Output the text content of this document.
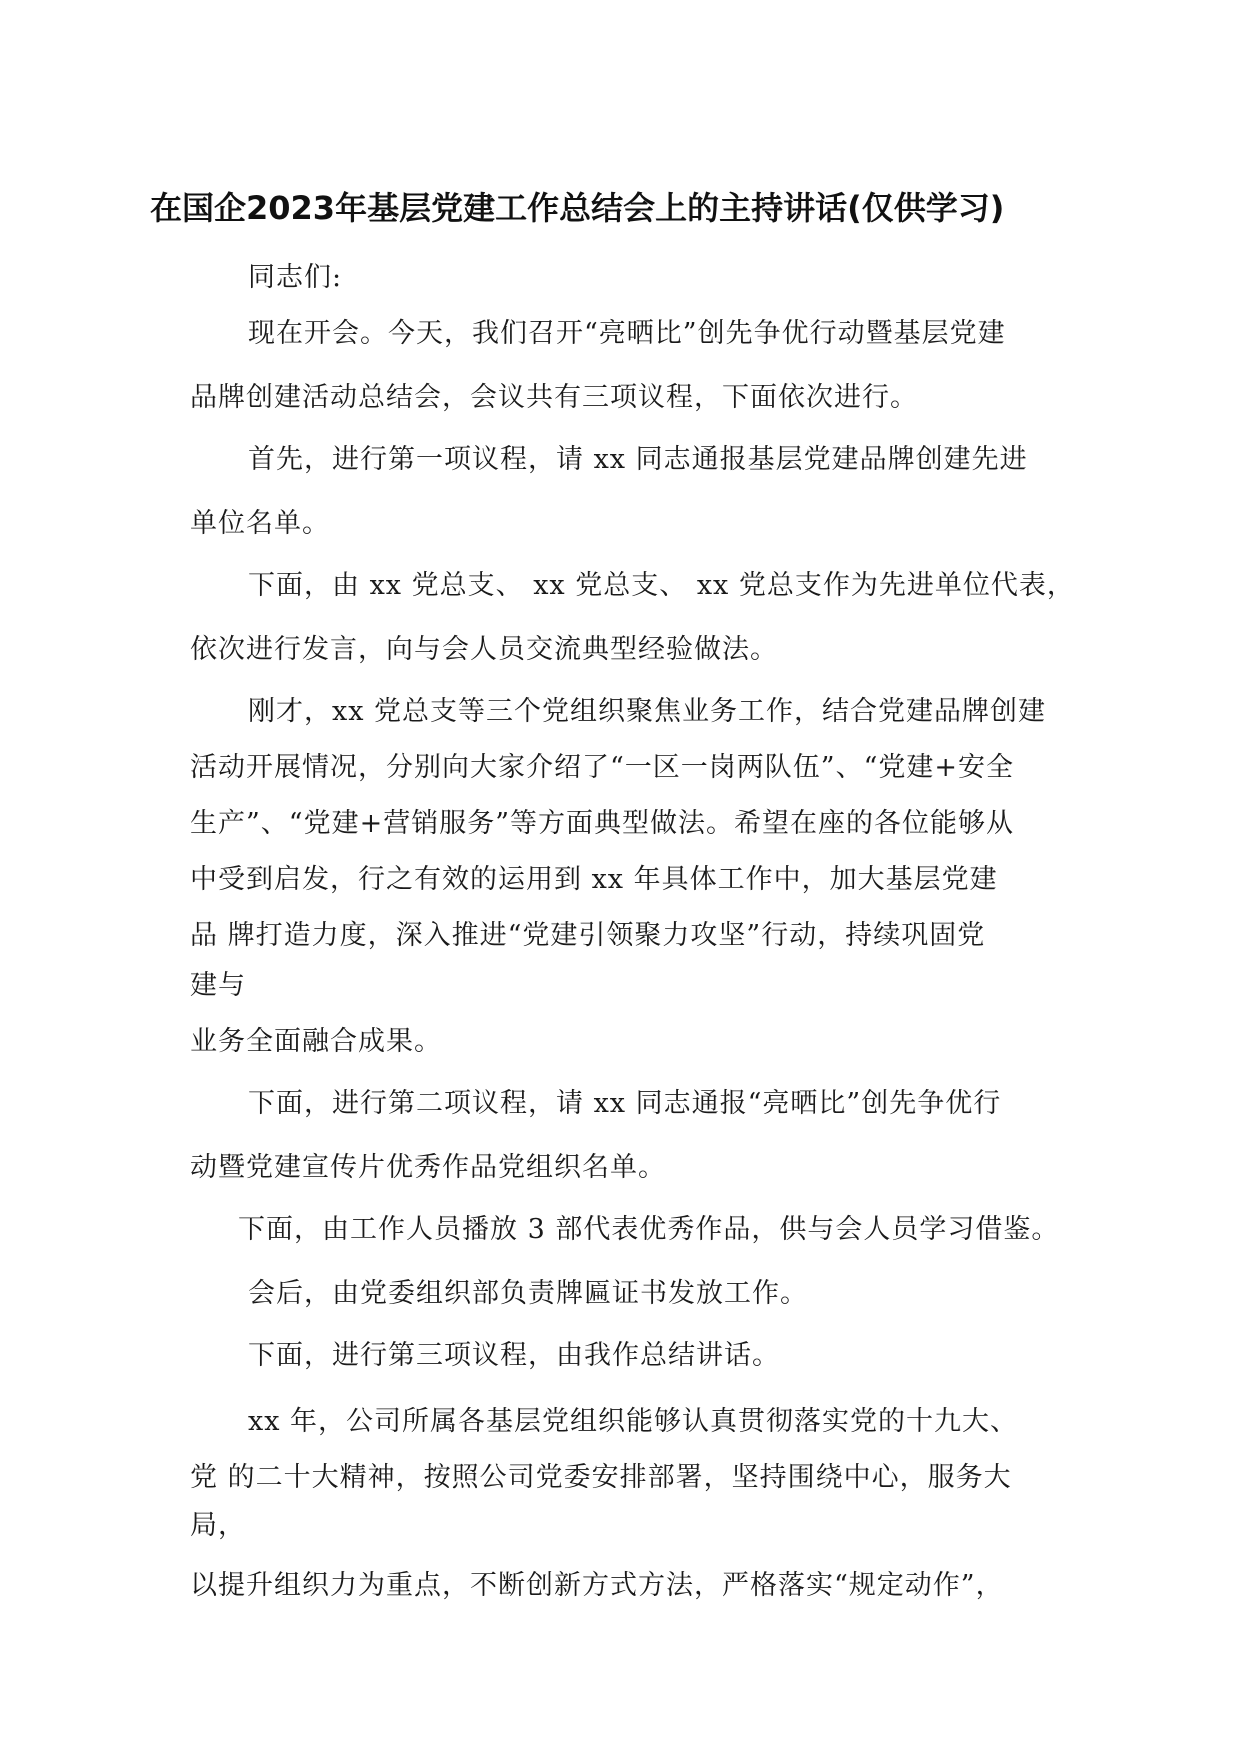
在国企2023年基层党建工作总结会上的主持讲话(仅供学习)

同志们:

现在开会。今天，我们召开“亮晒比”创先争优行动暨基层党建

品牌创建活动总结会，会议共有三项议程，下面依次进行。

首先，进行第一项议程，请 xx 同志通报基层党建品牌创建先进

单位名单。

下面，由 xx 党总支、 xx 党总支、 xx 党总支作为先进单位代表，

依次进行发言，向与会人员交流典型经验做法。

刚才，xx 党总支等三个党组织聚焦业务工作，结合党建品牌创建

活动开展情况，分别向大家介绍了“一区一岗两队伍”、“党建+安全

生产”、“党建+营销服务”等方面典型做法。希望在座的各位能够从

中受到启发，行之有效的运用到 xx 年具体工作中，加大基层党建

品 牌打造力度，深入推进“党建引领聚力攻坚”行动，持续巩固党

建与

业务全面融合成果。

下面，进行第二项议程，请 xx 同志通报“亮晒比”创先争优行

动暨党建宣传片优秀作品党组织名单。

下面，由工作人员播放 3 部代表优秀作品，供与会人员学习借鉴。

会后，由党委组织部负责牌匾证书发放工作。

下面，进行第三项议程，由我作总结讲话。

xx 年，公司所属各基层党组织能够认真贯彻落实党的十九大、

党 的二十大精神，按照公司党委安排部署，坚持围绕中心，服务大

局，

以提升组织力为重点，不断创新方式方法，严格落实“规定动作”，
